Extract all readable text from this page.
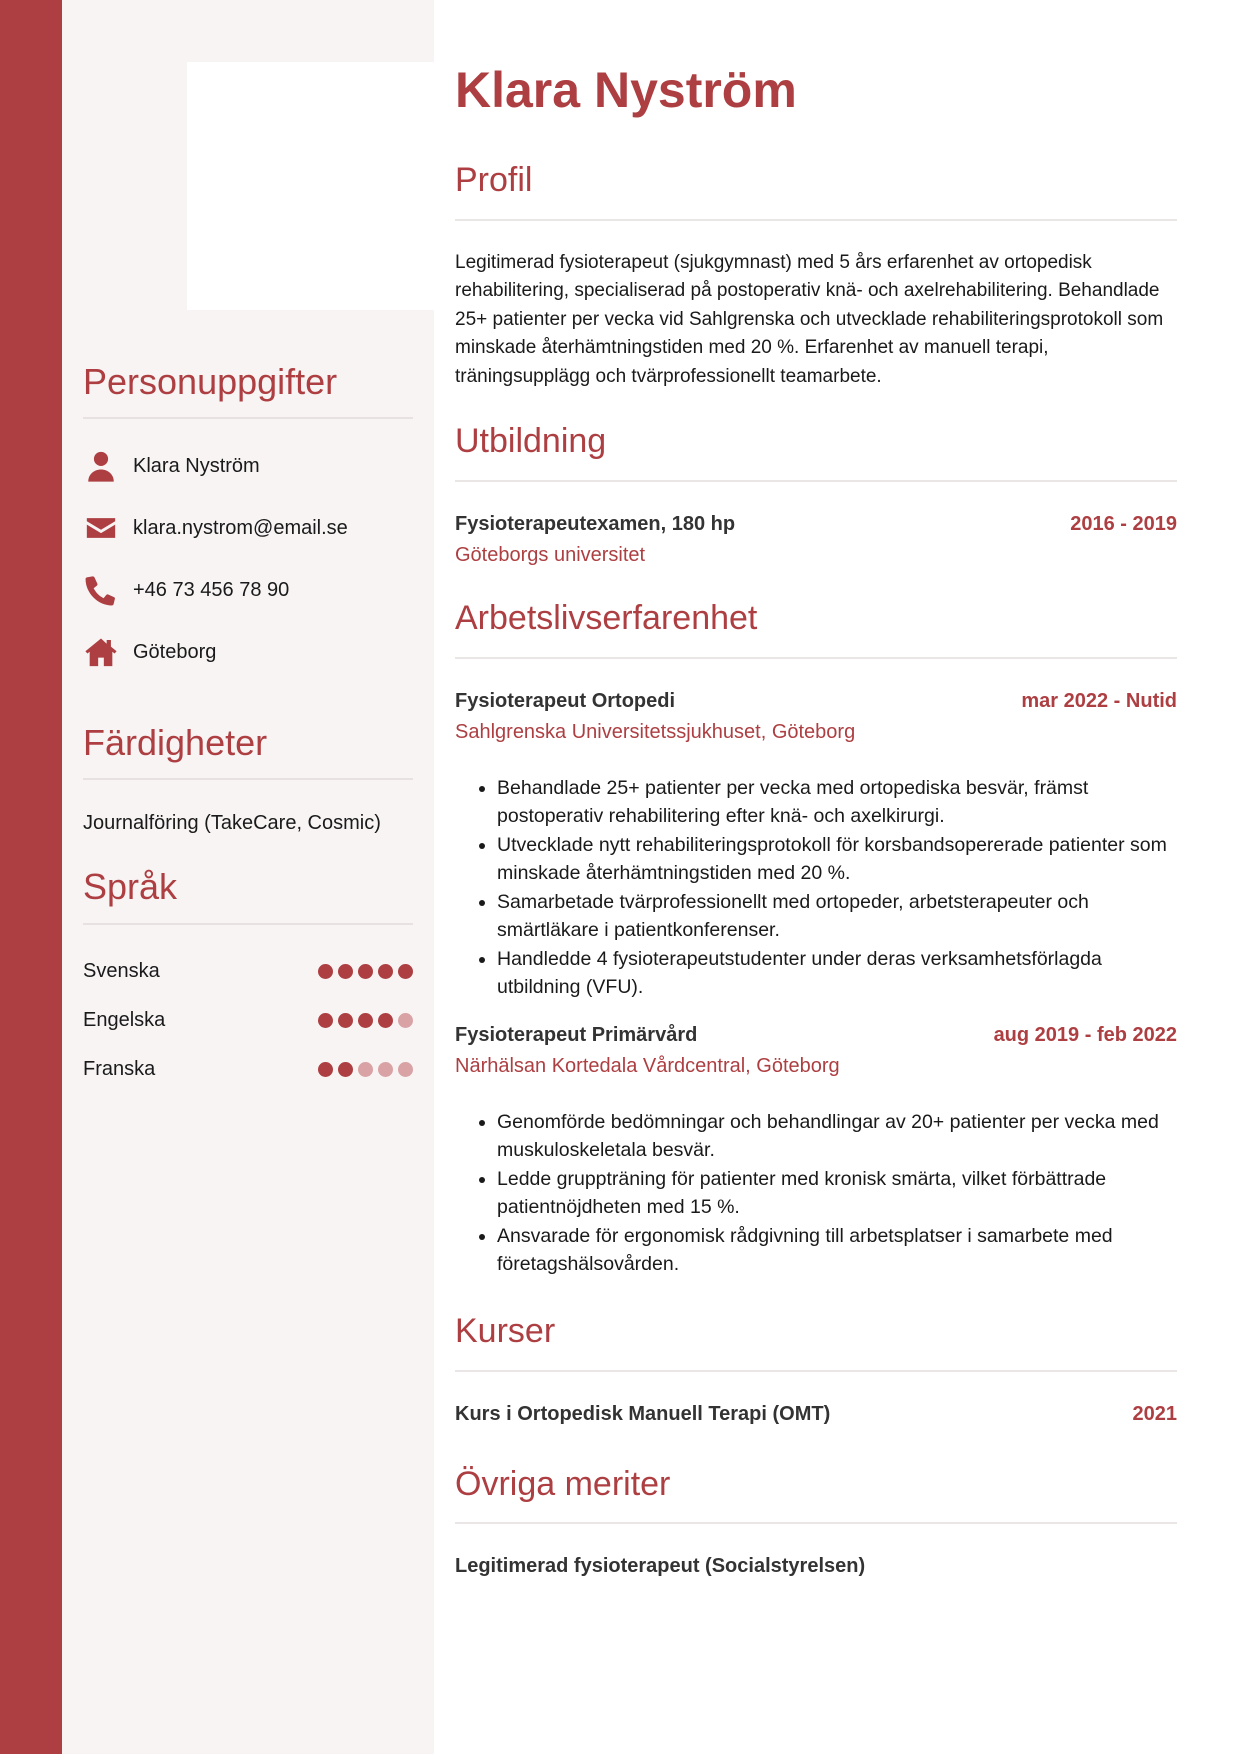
Personuppgifter
Klara Nyström
klara.nystrom@email.se
+46 73 456 78 90
Göteborg
Färdigheter
Journalföring (TakeCare, Cosmic)
Språk
Svenska
Engelska
Franska
Klara Nyström
Profil

Legitimerad fysioterapeut (sjukgymnast) med 5 års erfarenhet av ortopedisk rehabilitering, specialiserad på postoperativ knä- och axelrehabilitering. Behandlade 25+ patienter per vecka vid Sahlgrenska och utvecklade rehabiliteringsprotokoll som minskade återhämtningstiden med 20 %. Erfarenhet av manuell terapi, träningsupplägg och tvärprofessionellt teamarbete.

Utbildning
Fysioterapeutexamen, 180 hp	2016 - 2019
Göteborgs universitet
Arbetslivserfarenhet
Fysioterapeut Ortopedi	mar 2022 - Nutid
Sahlgrenska Universitetssjukhuset, Göteborg
• Behandlade 25+ patienter per vecka med ortopediska besvär, främst postoperativ rehabilitering efter knä- och axelkirurgi.
• Utvecklade nytt rehabiliteringsprotokoll för korsbandsopererade patienter som minskade återhämtningstiden med 20 %.
• Samarbetade tvärprofessionellt med ortopeder, arbetsterapeuter och smärtläkare i patientkonferenser.
• Handledde 4 fysioterapeutstudenter under deras verksamhetsförlagda utbildning (VFU).
Fysioterapeut Primärvård	aug 2019 - feb 2022
Närhälsan Kortedala Vårdcentral, Göteborg
• Genomförde bedömningar och behandlingar av 20+ patienter per vecka med muskuloskeletala besvär.
• Ledde gruppträning för patienter med kronisk smärta, vilket förbättrade patientnöjdheten med 15 %.
• Ansvarade för ergonomisk rådgivning till arbetsplatser i samarbete med företagshälsovården.
Kurser
Kurs i Ortopedisk Manuell Terapi (OMT)	2021
Övriga meriter
Legitimerad fysioterapeut (Socialstyrelsen)
